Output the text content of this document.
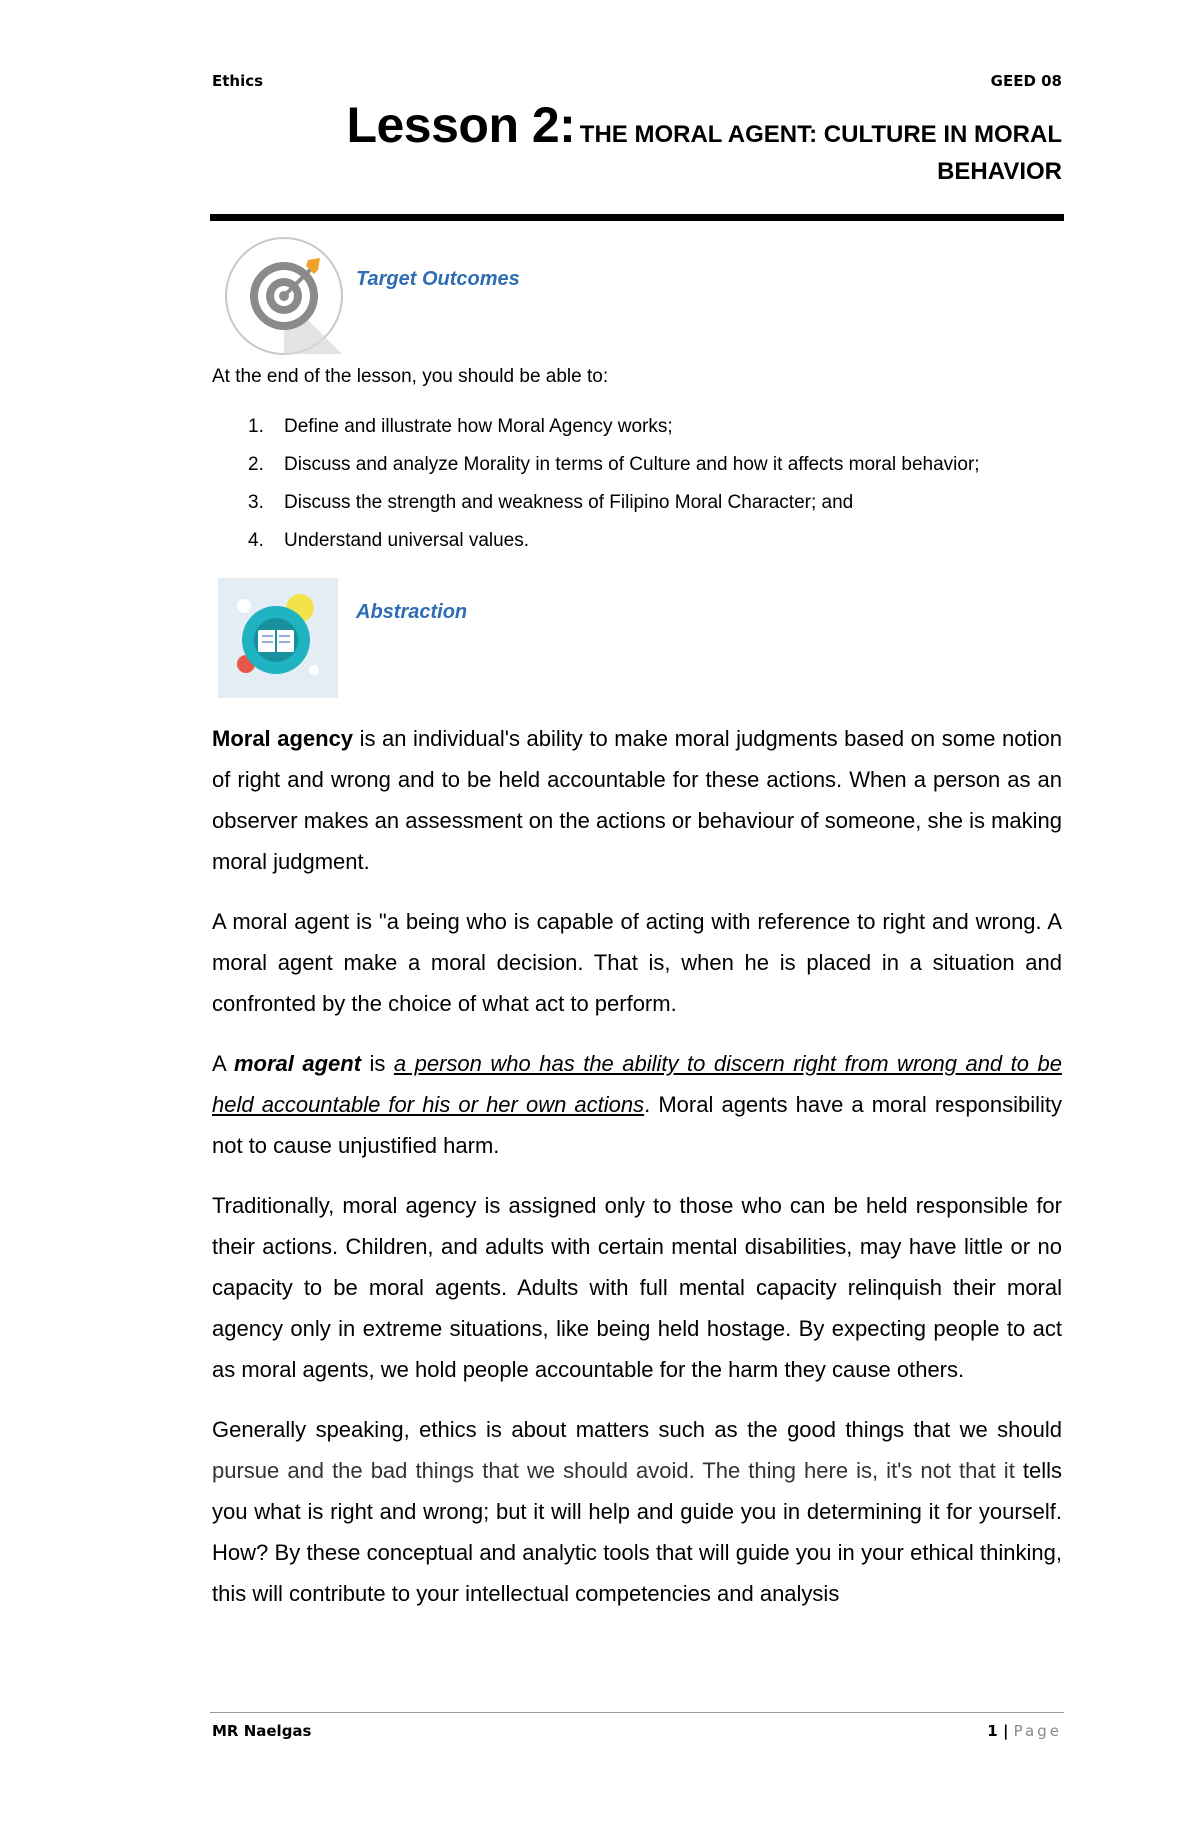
Ethics	GEED 08
Lesson 2: THE MORAL AGENT: CULTURE IN MORAL
BEHAVIOR
Target Outcomes
At the end of the lesson, you should be able to:
1. Define and illustrate how Moral Agency works;
2. Discuss and analyze Morality in terms of Culture and how it affects moral behavior;
3. Discuss the strength and weakness of Filipino Moral Character; and
4. Understand universal values.
Abstraction

Moral agency is an individual's ability to make moral judgments based on some notion of right and wrong and to be held accountable for these actions. When a person as an observer makes an assessment on the actions or behaviour of someone, she is making moral judgment.

A moral agent is "a being who is capable of acting with reference to right and wrong. A moral agent make a moral decision. That is, when he is placed in a situation and confronted by the choice of what act to perform.

A moral agent is a person who has the ability to discern right from wrong and to be held accountable for his or her own actions. Moral agents have a moral responsibility not to cause unjustified harm.

Traditionally, moral agency is assigned only to those who can be held responsible for their actions. Children, and adults with certain mental disabilities, may have little or no capacity to be moral agents. Adults with full mental capacity relinquish their moral agency only in extreme situations, like being held hostage. By expecting people to act as moral agents, we hold people accountable for the harm they cause others.

Generally speaking, ethics is about matters such as the good things that we should pursue and the bad things that we should avoid. The thing here is, it's not that it tells you what is right and wrong; but it will help and guide you in determining it for yourself. How? By these conceptual and analytic tools that will guide you in your ethical thinking, this will contribute to your intellectual competencies and analysis

MR Naelgas	1 | Page
